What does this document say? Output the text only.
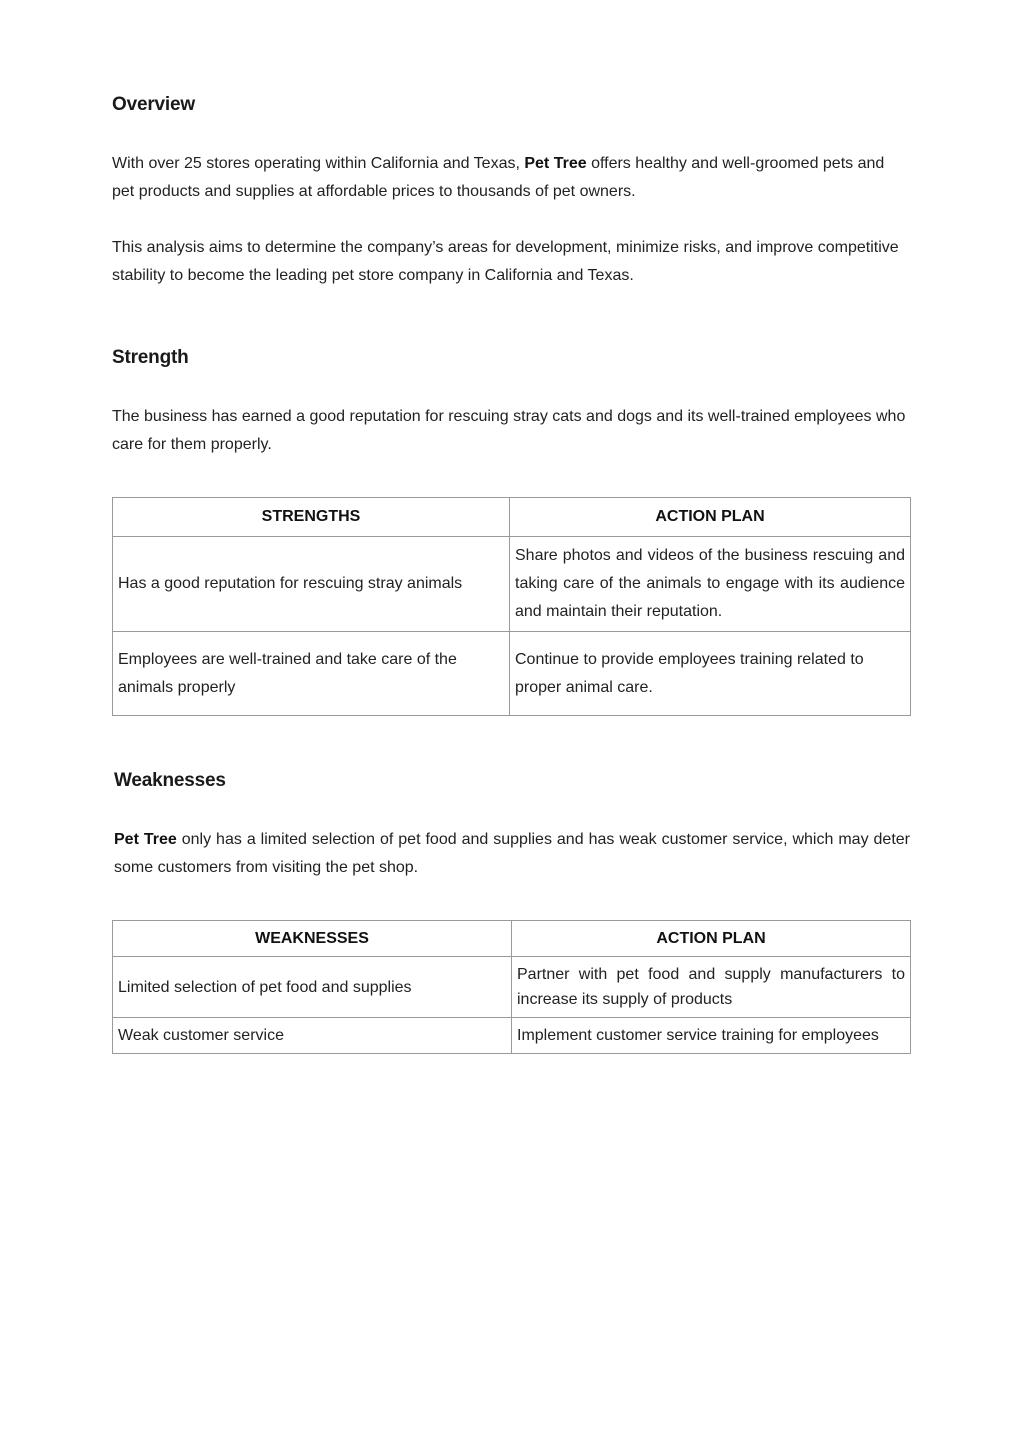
Overview

With over 25 stores operating within California and Texas, Pet Tree offers healthy and well-groomed pets and pet products and supplies at affordable prices to thousands of pet owners.

This analysis aims to determine the company’s areas for development, minimize risks, and improve competitive stability to become the leading pet store company in California and Texas.

Strength

The business has earned a good reputation for rescuing stray cats and dogs and its well-trained employees who care for them properly.

STRENGTHS	ACTION PLAN
Has a good reputation for rescuing stray animals	Share photos and videos of the business rescuing and taking care of the animals to engage with its audience and maintain their reputation.
Employees are well-trained and take care of the animals properly	Continue to provide employees training related to proper animal care.
Weaknesses

Pet Tree only has a limited selection of pet food and supplies and has weak customer service, which may deter some customers from visiting the pet shop.

WEAKNESSES	ACTION PLAN
Limited selection of pet food and supplies	Partner with pet food and supply manufacturers to increase its supply of products
Weak customer service	Implement customer service training for employees
